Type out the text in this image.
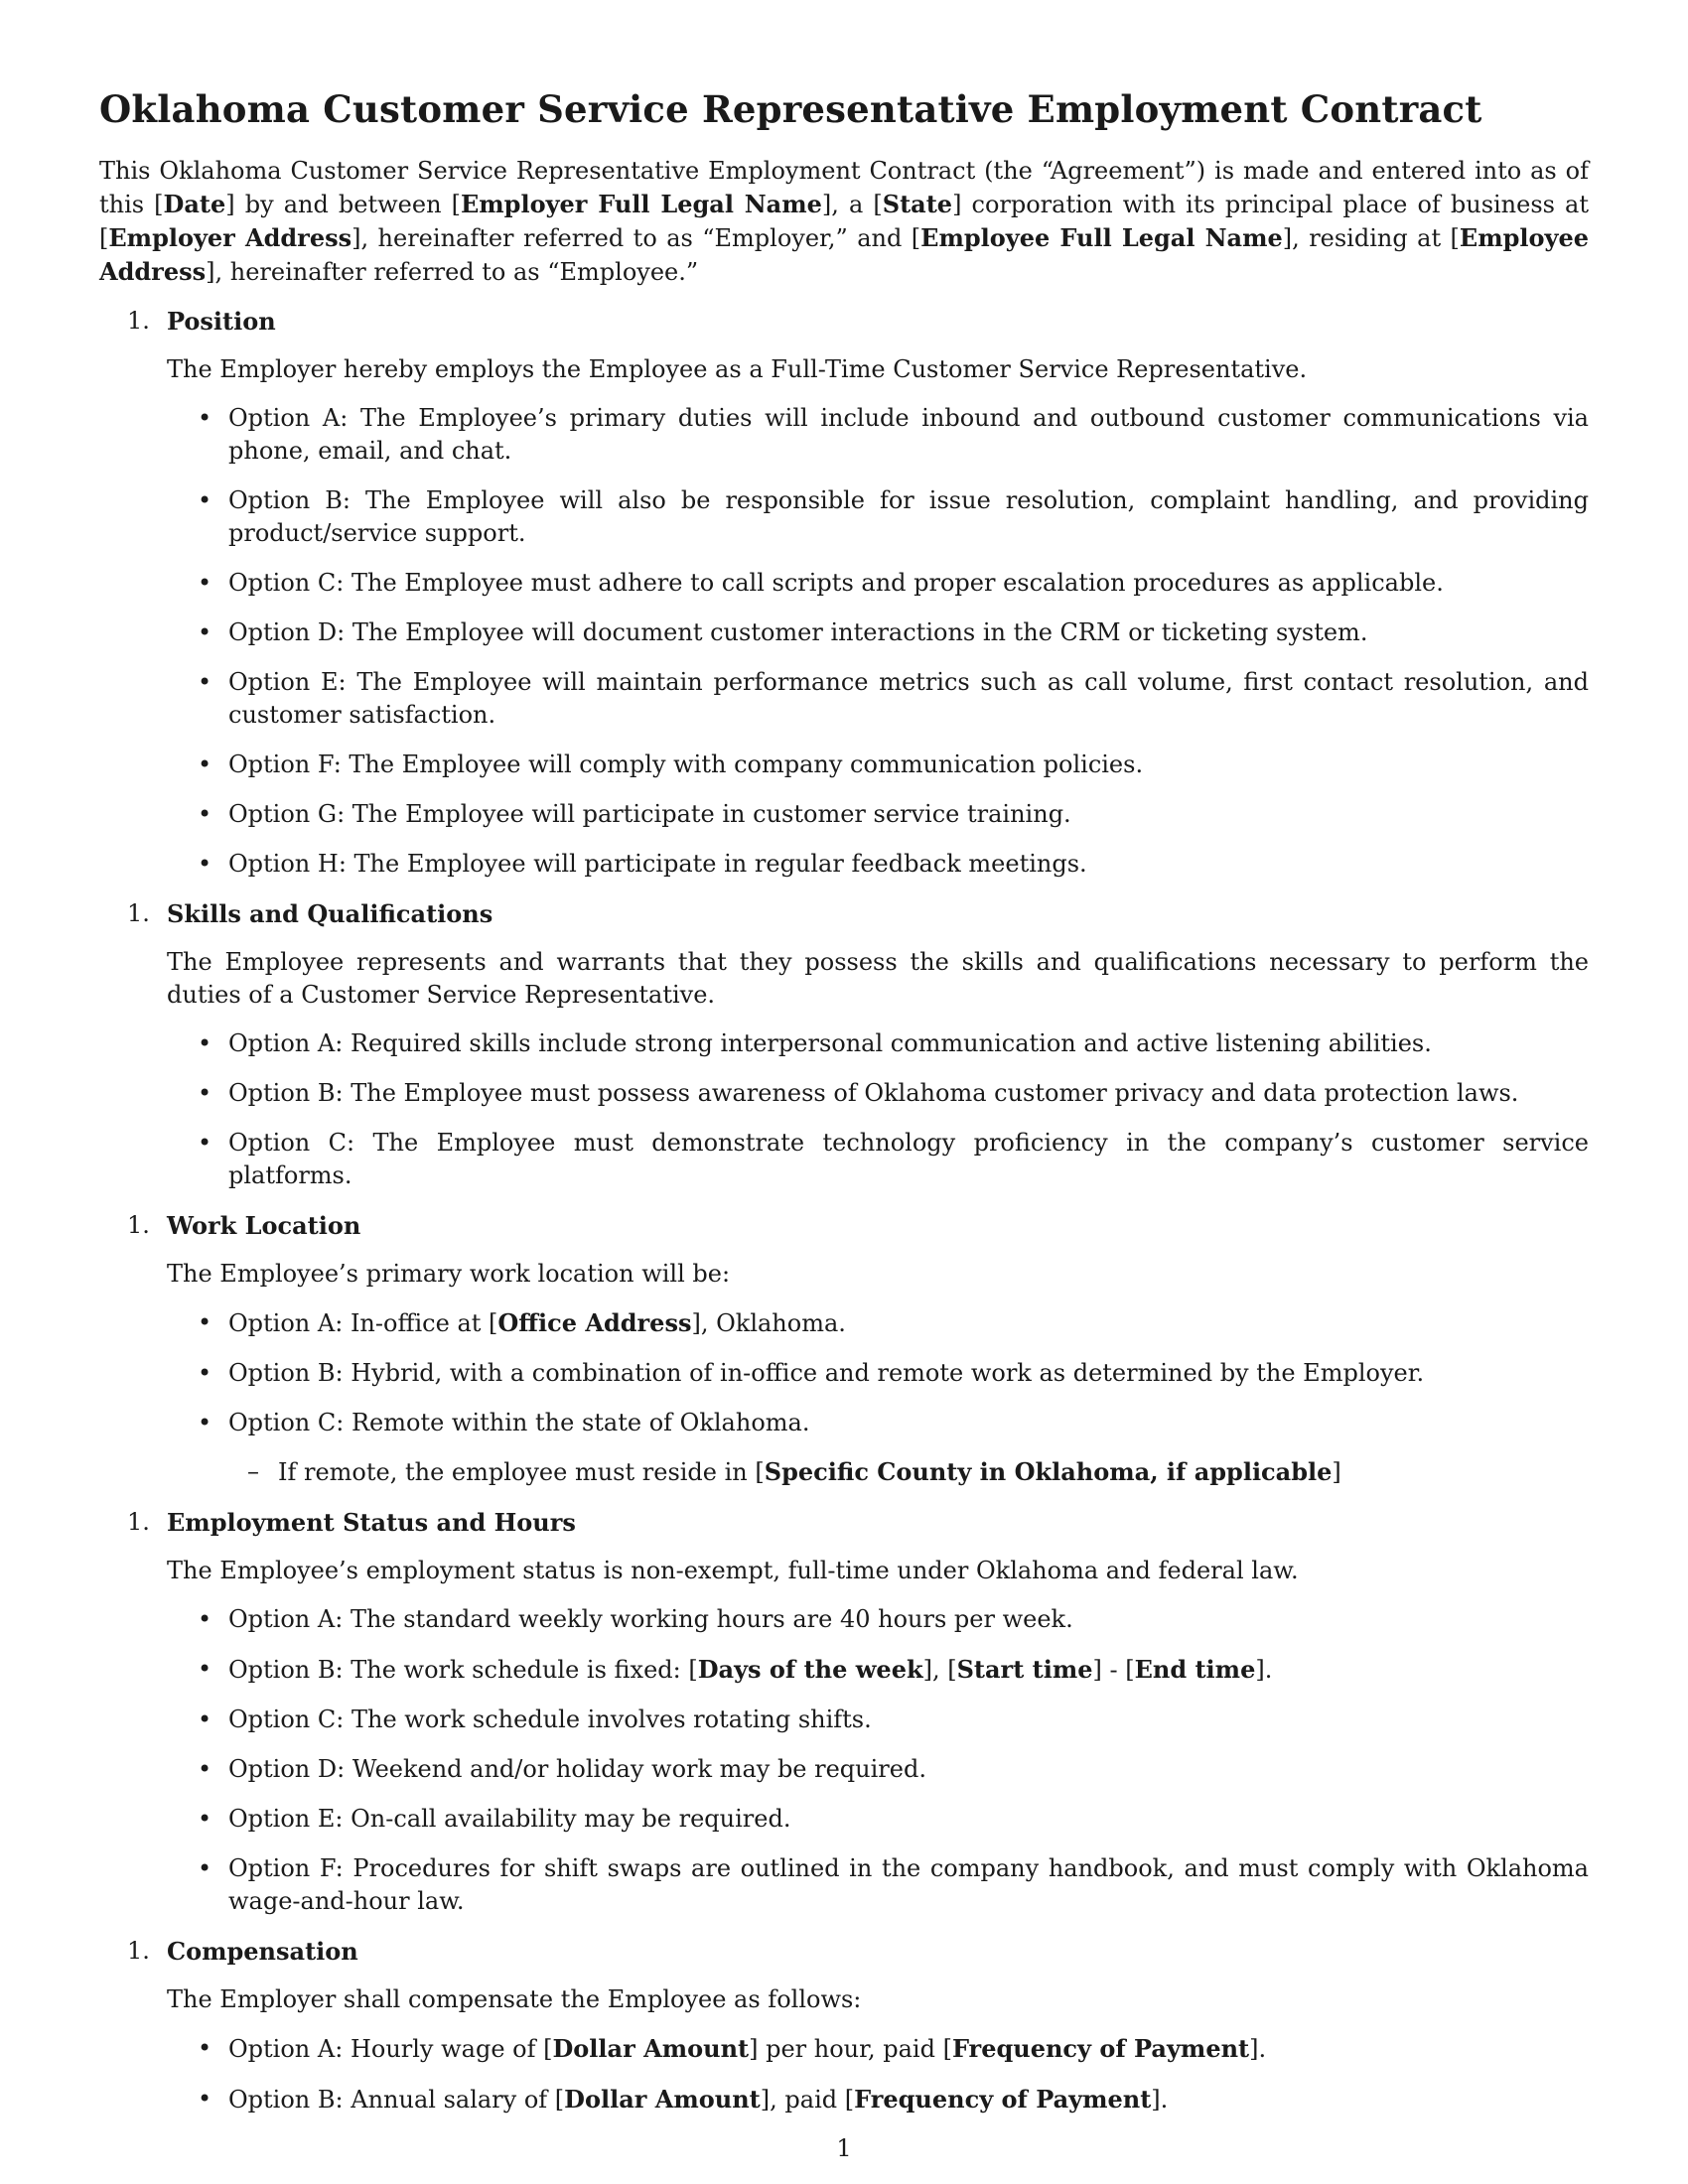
Oklahoma Customer Service Representative Employment Contract

This Oklahoma Customer Service Representative Employment Contract (the “Agreement”) is made and entered into as of this [Date] by and between [Employer Full Legal Name], a [State] corporation with its principal place of business at [Employer Address], hereinafter referred to as “Employer,” and [Employee Full Legal Name], residing at [Employee Address], hereinafter referred to as “Employee.”

1. Position

The Employer hereby employs the Employee as a Full-Time Customer Service Representative.

• Option A: The Employee’s primary duties will include inbound and outbound customer communications via phone, email, and chat.
• Option B: The Employee will also be responsible for issue resolution, complaint handling, and providing product/service support.
• Option C: The Employee must adhere to call scripts and proper escalation procedures as applicable.
• Option D: The Employee will document customer interactions in the CRM or ticketing system.
• Option E: The Employee will maintain performance metrics such as call volume, first contact resolution, and customer satisfaction.
• Option F: The Employee will comply with company communication policies.
• Option G: The Employee will participate in customer service training.
• Option H: The Employee will participate in regular feedback meetings.
1. Skills and Qualifications

The Employee represents and warrants that they possess the skills and qualifications necessary to perform the duties of a Customer Service Representative.

• Option A: Required skills include strong interpersonal communication and active listening abilities.
• Option B: The Employee must possess awareness of Oklahoma customer privacy and data protection laws.
• Option C: The Employee must demonstrate technology proficiency in the company’s customer service platforms.
1. Work Location

The Employee’s primary work location will be:

• Option A: In-office at [Office Address], Oklahoma.
• Option B: Hybrid, with a combination of in-office and remote work as determined by the Employer.
• Option C: Remote within the state of Oklahoma.
– If remote, the employee must reside in [Specific County in Oklahoma, if applicable]
1. Employment Status and Hours

The Employee’s employment status is non-exempt, full-time under Oklahoma and federal law.

• Option A: The standard weekly working hours are 40 hours per week.
• Option B: The work schedule is fixed: [Days of the week], [Start time] - [End time].
• Option C: The work schedule involves rotating shifts.
• Option D: Weekend and/or holiday work may be required.
• Option E: On-call availability may be required.
• Option F: Procedures for shift swaps are outlined in the company handbook, and must comply with Oklahoma wage-and-hour law.
1. Compensation

The Employer shall compensate the Employee as follows:

• Option A: Hourly wage of [Dollar Amount] per hour, paid [Frequency of Payment].
• Option B: Annual salary of [Dollar Amount], paid [Frequency of Payment].
1
